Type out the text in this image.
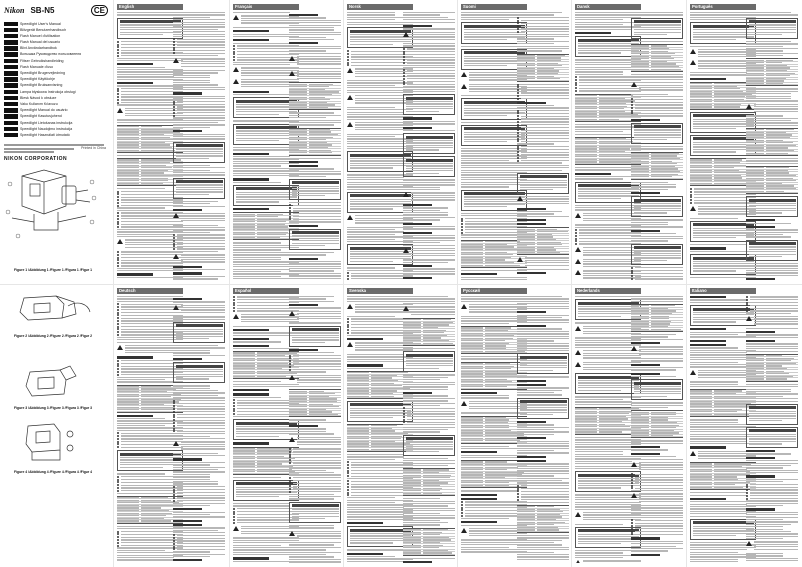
Nikon SB-N5	CE
Speedlight User's Manual
Blitzgerät Benutzerhandbuch
Flash Manuel d'utilisation
Flash Manual del usuario
Blixt Användarhandbok
Вспышка Руководство пользователя
Flitser Gebruikshandleiding
Flash Manuale d'uso
Speedlight Brugervejledning
Speedlight Käyttöohje
Speedlight Bruksanvisning
Lampa błyskowa Instrukcja obsługi
Blesk Návod k obsluze
Vaku Kullanım Kılavuzu
Speedlight Manual do usuário
Speedlight Kasutusjuhend
Speedlight Lietošanas instrukcija
Speedlight Naudojimo instrukcija
Speedlight Használati útmutató
Printed in China
NIKON CORPORATION
Figure 1 /Abbildung 1 /Figure 1 /Figura 1 /Figur 1
Figure 2 /Abbildung 2 /Figure 2 /Figura 2 /Figur 2
Figure 3 /Abbildung 3 /Figure 3 /Figura 3 /Figur 3
Figure 4 /Abbildung 4 /Figure 4 /Figura 4 /Figur 4
English	Français	Norsk	Suomi	Dansk	Português
Deutsch	Español	Svenska	Русский	Nederlands	Italiano
